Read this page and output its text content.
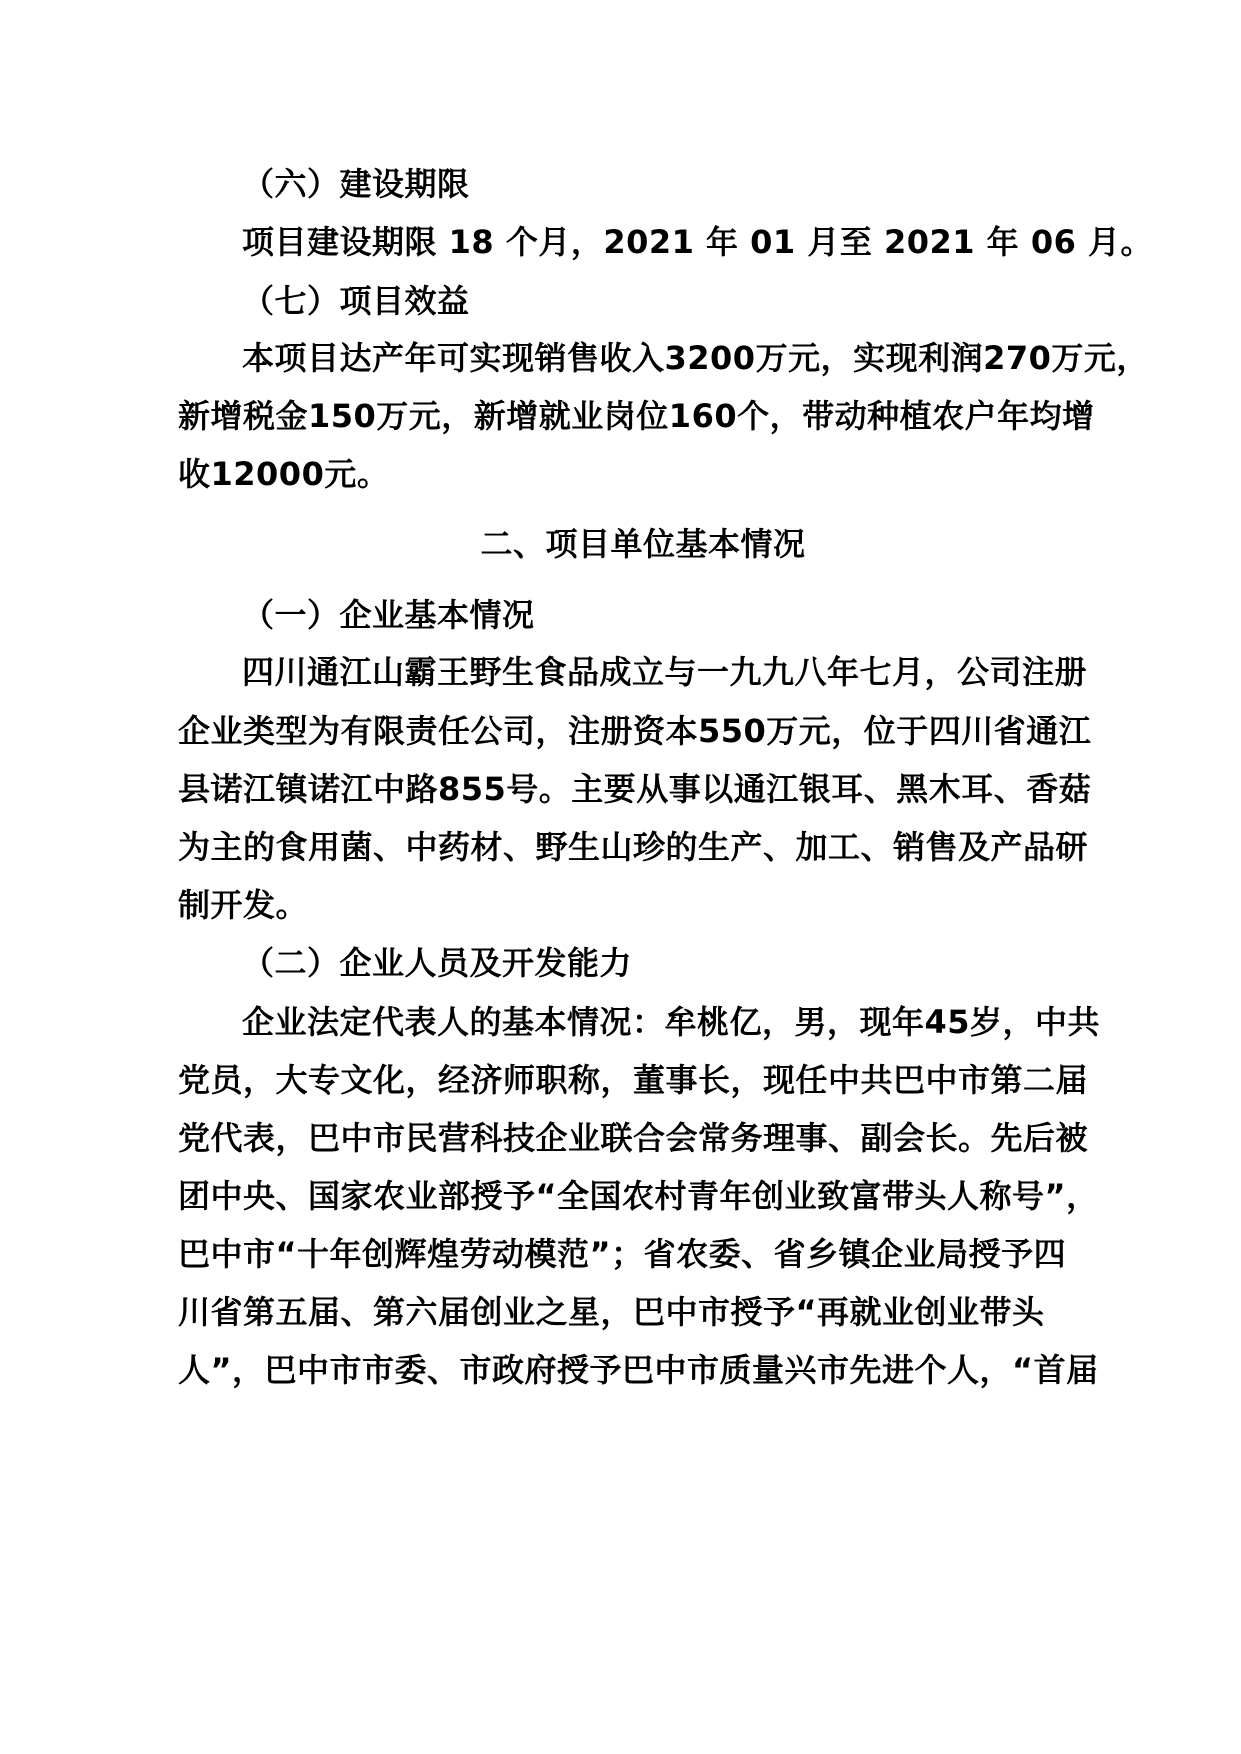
（六）建设期限
项目建设期限 18 个月，2021 年 01 月至 2021 年 06 月。
（七）项目效益
本项目达产年可实现销售收入3200万元，实现利润270万元，
新增税金150万元，新增就业岗位160个，带动种植农户年均增
收12000元。
二、项目单位基本情况
（一）企业基本情况
四川通江山霸王野生食品成立与一九九八年七月，公司注册
企业类型为有限责任公司，注册资本550万元，位于四川省通江
县诺江镇诺江中路855号。主要从事以通江银耳、黑木耳、香菇
为主的食用菌、中药材、野生山珍的生产、加工、销售及产品研
制开发。
（二）企业人员及开发能力
企业法定代表人的基本情况：牟桃亿，男，现年45岁，中共
党员，大专文化，经济师职称，董事长，现任中共巴中市第二届
党代表，巴中市民营科技企业联合会常务理事、副会长。先后被
团中央、国家农业部授予“全国农村青年创业致富带头人称号”，
巴中市“十年创辉煌劳动模范”；省农委、省乡镇企业局授予四
川省第五届、第六届创业之星，巴中市授予“再就业创业带头
人”，巴中市市委、市政府授予巴中市质量兴市先进个人，“首届
